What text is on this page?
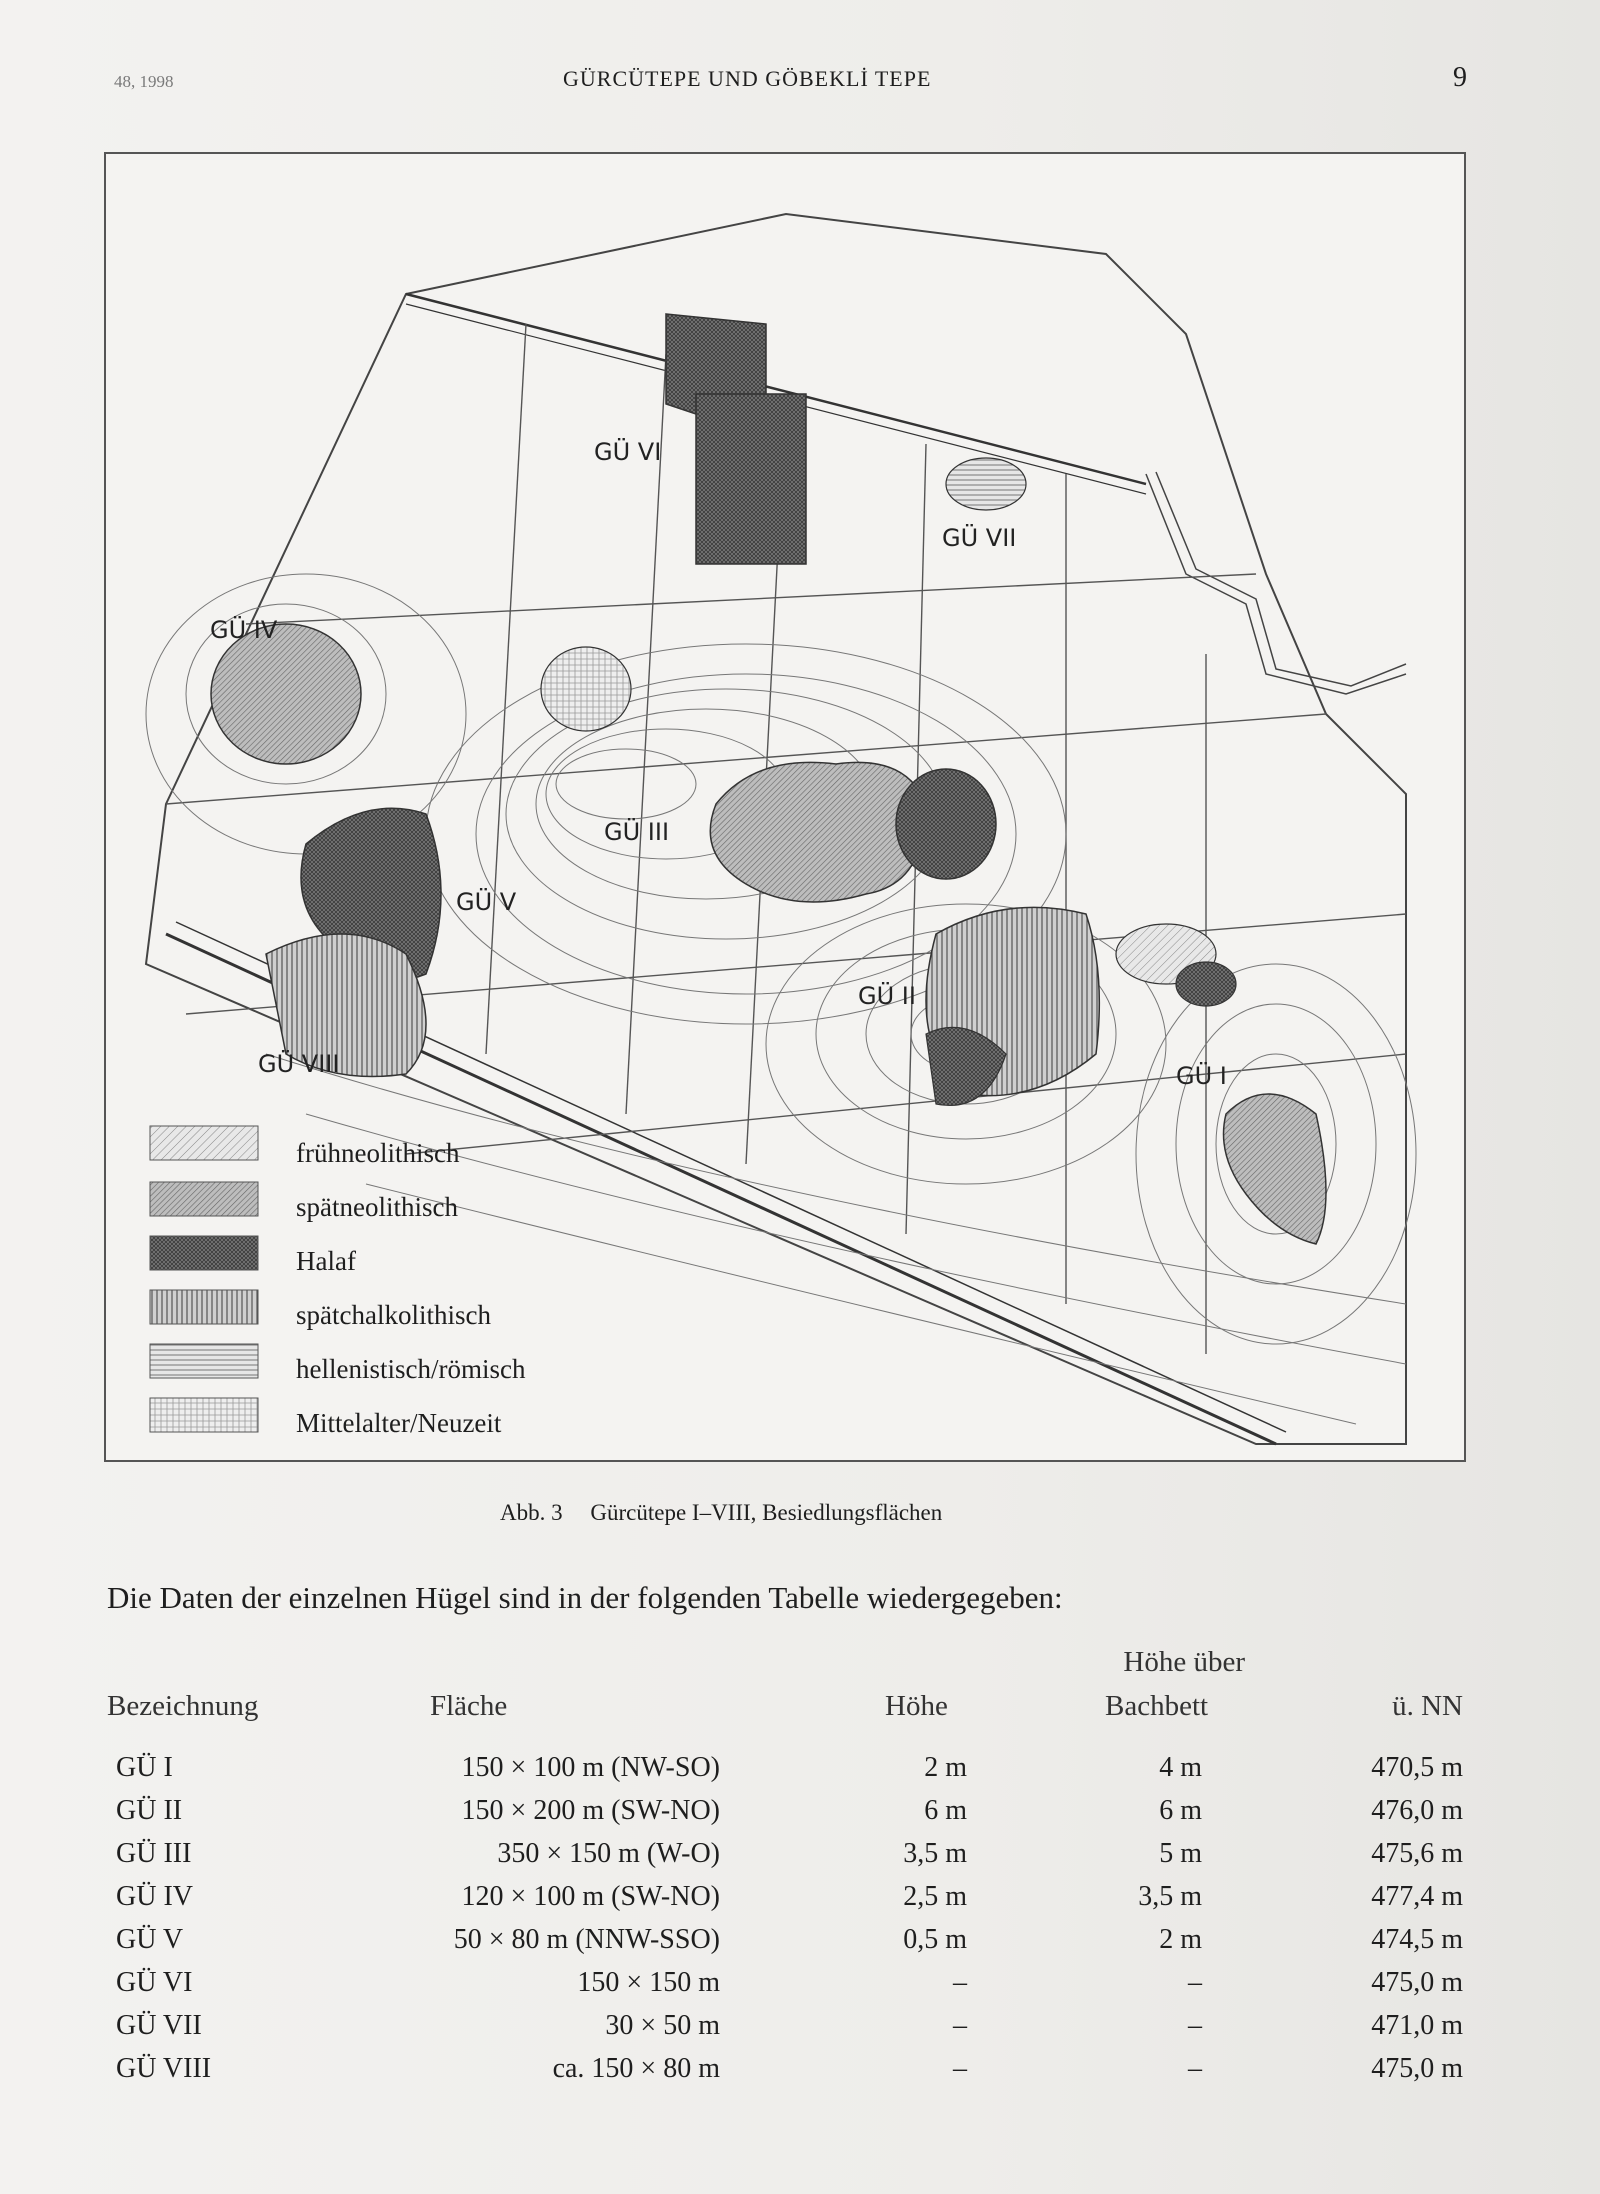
48, 1998	GÜRCÜTEPE UND GÖBEKLİ TEPE	9
GÜ I
GÜ II
GÜ III
GÜ IV
GÜ V
GÜ VI
GÜ VII
GÜ VIII
frühneolithisch
spätneolithisch
Halaf
spätchalkolithisch
hellenistisch/römisch
Mittelalter/Neuzeit
Abb. 3 Gürcütepe I–VIII, Besiedlungsflächen
Die Daten der einzelnen Hügel sind in der folgenden Tabelle wiedergegeben:
Höhe über
Bezeichnung	Fläche	Höhe	Bachbett	ü. NN
GÜ I	150 × 100 m (NW-SO)	2 m	4 m	470,5 m
GÜ II	150 × 200 m (SW-NO)	6 m	6 m	476,0 m
GÜ III	350 × 150 m (W-O)	3,5 m	5 m	475,6 m
GÜ IV	120 × 100 m (SW-NO)	2,5 m	3,5 m	477,4 m
GÜ V	50 × 80 m (NNW-SSO)	0,5 m	2 m	474,5 m
GÜ VI	150 × 150 m	–	–	475,0 m
GÜ VII	30 × 50 m	–	–	471,0 m
GÜ VIII	ca. 150 × 80 m	–	–	475,0 m
